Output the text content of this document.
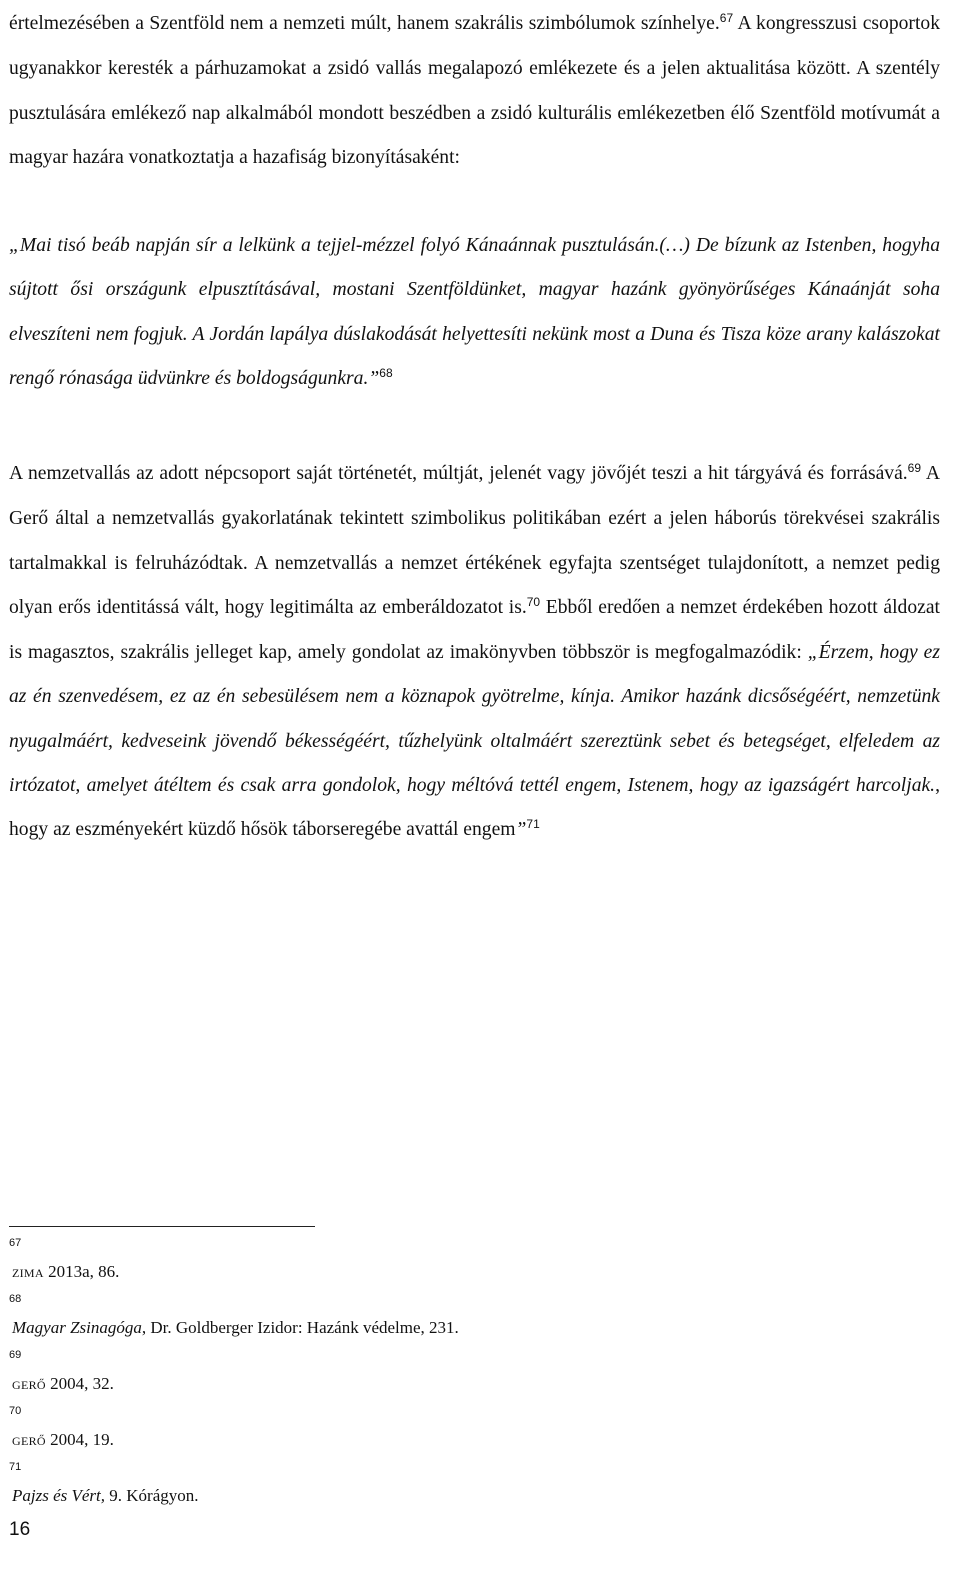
értelmezésében a Szentföld nem a nemzeti múlt, hanem szakrális szimbólumok színhelye.$^{67}$ A kongresszusi csoportok ugyanakkor keresték a párhuzamokat a zsidó vallás megalapozó emlékezete és a jelen aktualitása között. A szentély pusztulására emlékező nap alkalmából mondott beszédben a zsidó kulturális emlékezetben élő Szentföld motívumát a magyar hazára vonatkoztatja a hazafiság bizonyításaként:

„Mai tisó beáb napján sír a lelkünk a tejjel-mézzel folyó Kánaánnak pusztulásán.(…) De bízunk az Istenben, hogyha sújtott ősi országunk elpusztításával, mostani Szentföldünket, magyar hazánk gyönyörűséges Kánaánját soha elveszíteni nem fogjuk. A Jordán lapálya dúslakodását helyettesíti nekünk most a Duna és Tisza köze arany kalászokat rengő rónasága üdvünkre és boldogságunkra.”$^{68}$

A nemzetvallás az adott népcsoport saját történetét, múltját, jelenét vagy jövőjét teszi a hit tárgyává és forrásává.$^{69}$ A Gerő által a nemzetvallás gyakorlatának tekintett szimbolikus politikában ezért a jelen háborús törekvései szakrális tartalmakkal is felruházódtak. A nemzetvallás a nemzet értékének egyfajta szentséget tulajdonított, a nemzet pedig olyan erős identitássá vált, hogy legitimálta az emberáldozatot is.$^{70}$ Ebből eredően a nemzet érdekében hozott áldozat is magasztos, szakrális jelleget kap, amely gondolat az imakönyvben többször is megfogalmazódik: „Érzem, hogy ez az én szenvedésem, ez az én sebesülésem nem a köznapok gyötrelme, kínja. Amikor hazánk dicsőségéért, nemzetünk nyugalmáért, kedveseink jövendő békességéért, tűzhelyünk oltalmáért szereztünk sebet és betegséget, elfeledem az irtózatot, amelyet átéltem és csak arra gondolok, hogy méltóvá tettél engem, Istenem, hogy az igazságért harcoljak., hogy az eszményekért küzdő hősök táborseregébe avattál engem”$^{71}$

67
ZIMA 2013a, 86.
68
Magyar Zsinagóga, Dr. Goldberger Izidor: Hazánk védelme, 231.
69
GERŐ 2004, 32.
70
GERŐ 2004, 19.
71
Pajzs és Vért, 9. Kórágyon.
16
